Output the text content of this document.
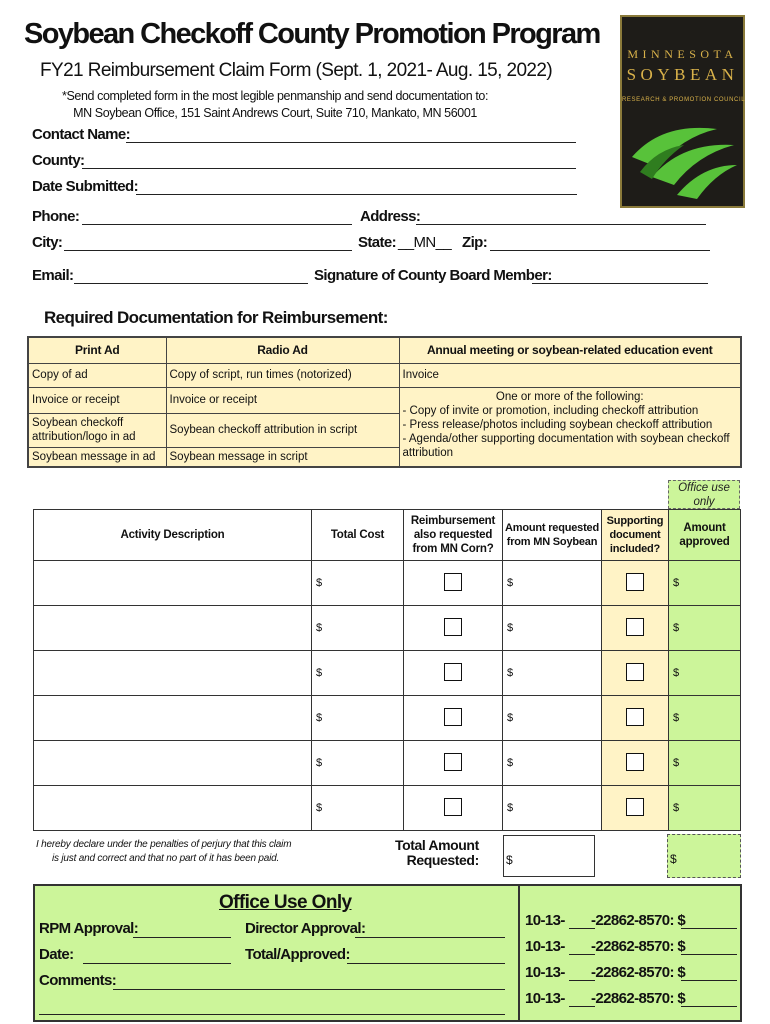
Soybean Checkoff County Promotion Program
FY21 Reimbursement Claim Form (Sept. 1, 2021- Aug. 15, 2022)
*Send completed form in the most legible penmanship and send documentation to:
MN Soybean Office, 151 Saint Andrews Court, Suite 710, Mankato, MN 56001
MINNESOTA
SOYBEAN
RESEARCH & PROMOTION COUNCIL
Contact Name:
County:
Date Submitted:
Phone:	Address:
City:	State: __MN__ Zip:
Email:	Signature of County Board Member:
Required Documentation for Reimbursement:
Print Ad	Radio Ad	Annual meeting or soybean-related education event
Copy of ad	Copy of script, run times (notorized)	Invoice
Invoice or receipt	Invoice or receipt	One or more of the following:
- Copy of invite or promotion, including checkoff attribution
- Press release/photos including soybean checkoff attribution
- Agenda/other supporting documentation with soybean checkoff attribution

Soybean checkoff attribution/logo in ad	Soybean checkoff attribution in script	
Soybean message in ad	Soybean message in script	
Office use only
Activity Description	Total Cost	Reimbursement also requested from MN Corn?	Amount requested from MN Soybean	Supporting document included?	Amount approved
	$		$		$
	$		$		$
	$		$		$
	$		$		$
	$		$		$
	$		$		$
I hereby declare under the penalties of perjury that this claim
is just and correct and that no part of it has been paid.
Total Amount
Requested: $	$
Office Use Only
RPM Approval:	Director Approval:
Date:	Total/Approved:
Comments:
10-13- -22862-8570: $
10-13- -22862-8570: $
10-13- -22862-8570: $
10-13- -22862-8570: $
